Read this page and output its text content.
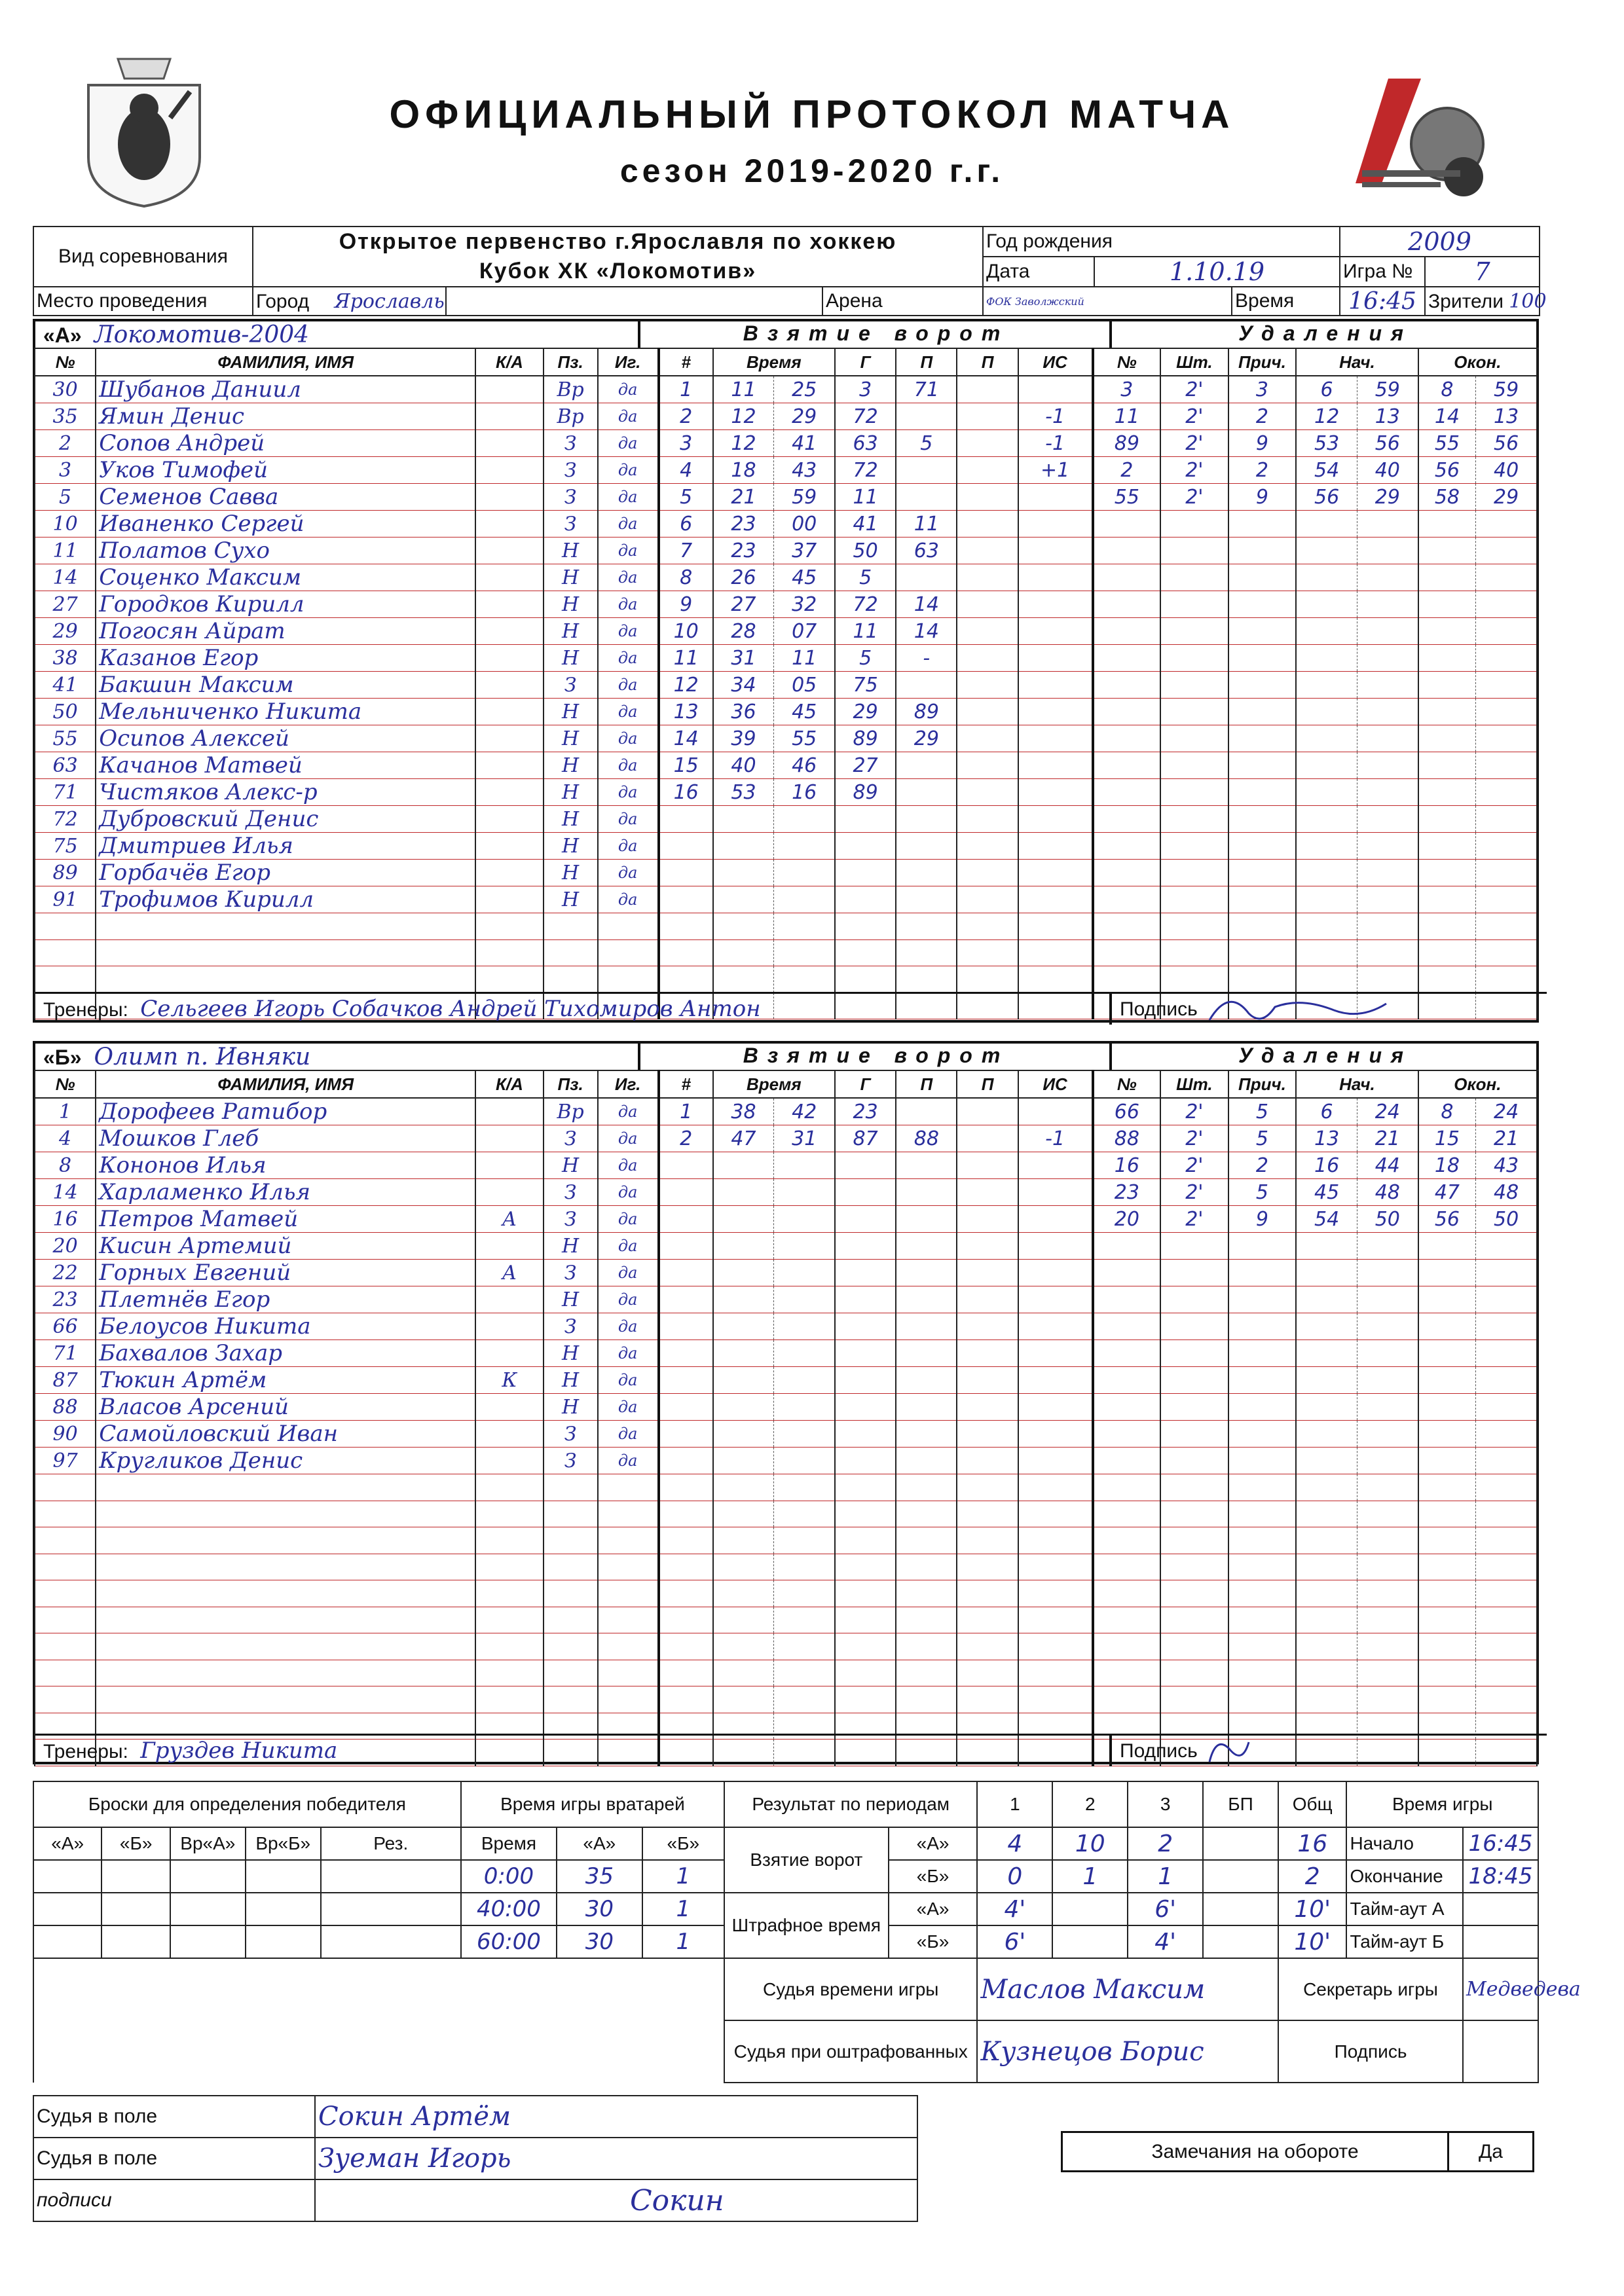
ОФИЦИАЛЬНЫЙ ПРОТОКОЛ МАТЧА
сезон 2019-2020 г.г.
Вид соревнования	Открытое первенство г.Ярославля по хоккею			Год рождения			2009	
	Кубок ХК «Локомотив»			Дата	1.10.19		Игра №	7
Место проведения	Город Ярославль		Арена	ФОК Заволжский		Время	16:45	Зрители 100
«А» Локомотив-2004	Взятие ворот	Удаления
№	ФАМИЛИЯ, ИМЯ	К/А	Пз.	Иг.	#	Время		Г	П	П	ИС	№	Шт.	Прич.	Нач.		Окон.	
30	Шубанов Даниил		Вр	да	1	11	25	3	71			3	2'	3	6	59	8	59
35	Ямин Денис		Вр	да	2	12	29	72			-1	11	2'	2	12	13	14	13
2	Сопов Андрей		З	да	3	12	41	63	5		-1	89	2'	9	53	56	55	56
3	Уков Тимофей		З	да	4	18	43	72			+1	2	2'	2	54	40	56	40
5	Семенов Савва		З	да	5	21	59	11				55	2'	9	56	29	58	29
10	Иваненко Сергей		З	да	6	23	00	41	11									
11	Полатов Сухо		Н	да	7	23	37	50	63									
14	Соценко Максим		Н	да	8	26	45	5										
27	Городков Кирилл		Н	да	9	27	32	72	14									
29	Погосян Айрат		Н	да	10	28	07	11	14									
38	Казанов Егор		Н	да	11	31	11	5	-									
41	Бакшин Максим		З	да	12	34	05	75										
50	Мельниченко Никита		Н	да	13	36	45	29	89									
55	Осипов Алексей		Н	да	14	39	55	89	29									
63	Качанов Матвей		Н	да	15	40	46	27										
71	Чистяков Алекс-р		Н	да	16	53	16	89										
72	Дубровский Денис		Н	да														
75	Дмитриев Илья		Н	да														
89	Горбачёв Егор		Н	да														
91	Трофимов Кирилл		Н	да														

Тренеры: Сельгеев Игорь Собачков Андрей Тихомиров Антон	Подпись
«Б» Олимп п. Ивняки	Взятие ворот	Удаления
№	ФАМИЛИЯ, ИМЯ	К/А	Пз.	Иг.	#	Время		Г	П	П	ИС	№	Шт.	Прич.	Нач.		Окон.	
1	Дорофеев Ратибор		Вр	да	1	38	42	23				66	2'	5	6	24	8	24
4	Мошков Глеб		З	да	2	47	31	87	88		-1	88	2'	5	13	21	15	21
8	Кононов Илья		Н	да								16	2'	2	16	44	18	43
14	Харламенко Илья		З	да								23	2'	5	45	48	47	48
16	Петров Матвей	А	З	да								20	2'	9	54	50	56	50
20	Кисин Артемий		Н	да														
22	Горных Евгений	А	З	да														
23	Плетнёв Егор		Н	да														
66	Белоусов Никита		З	да														
71	Бахвалов Захар		Н	да														
87	Тюкин Артём	К	Н	да														
88	Власов Арсений		Н	да														
90	Самойловский Иван		З	да														
97	Кругликов Денис		З	да														

Тренеры: Груздев Никита	Подпись
Броски для определения победителя					Время игры вратарей			Результат по периодам		1	2	3	БП	Общ	Время игры	
«А»	«Б»	Вр«А»	Вр«Б»	Рез.	Время	«А»	«Б»	Взятие ворот	«А»	4	10	2		16	Начало	16:45
					0:00	35	1		«Б»	0	1	1		2	Окончание	18:45
					40:00	30	1	Штрафное время	«А»	4'		6'		10'	Тайм-аут А	
					60:00	30	1		«Б»	6'		4'		10'	Тайм-аут Б	
								Судья времени игры		Маслов Максим				Секретарь игры		Медведева
								Судья при оштрафованных		Кузнецов Борис				Подпись		
Судья в поле	Сокин Артём
Судья в поле	Зуеман Игорь
подписи	Сокин
Замечания на обороте	Да
